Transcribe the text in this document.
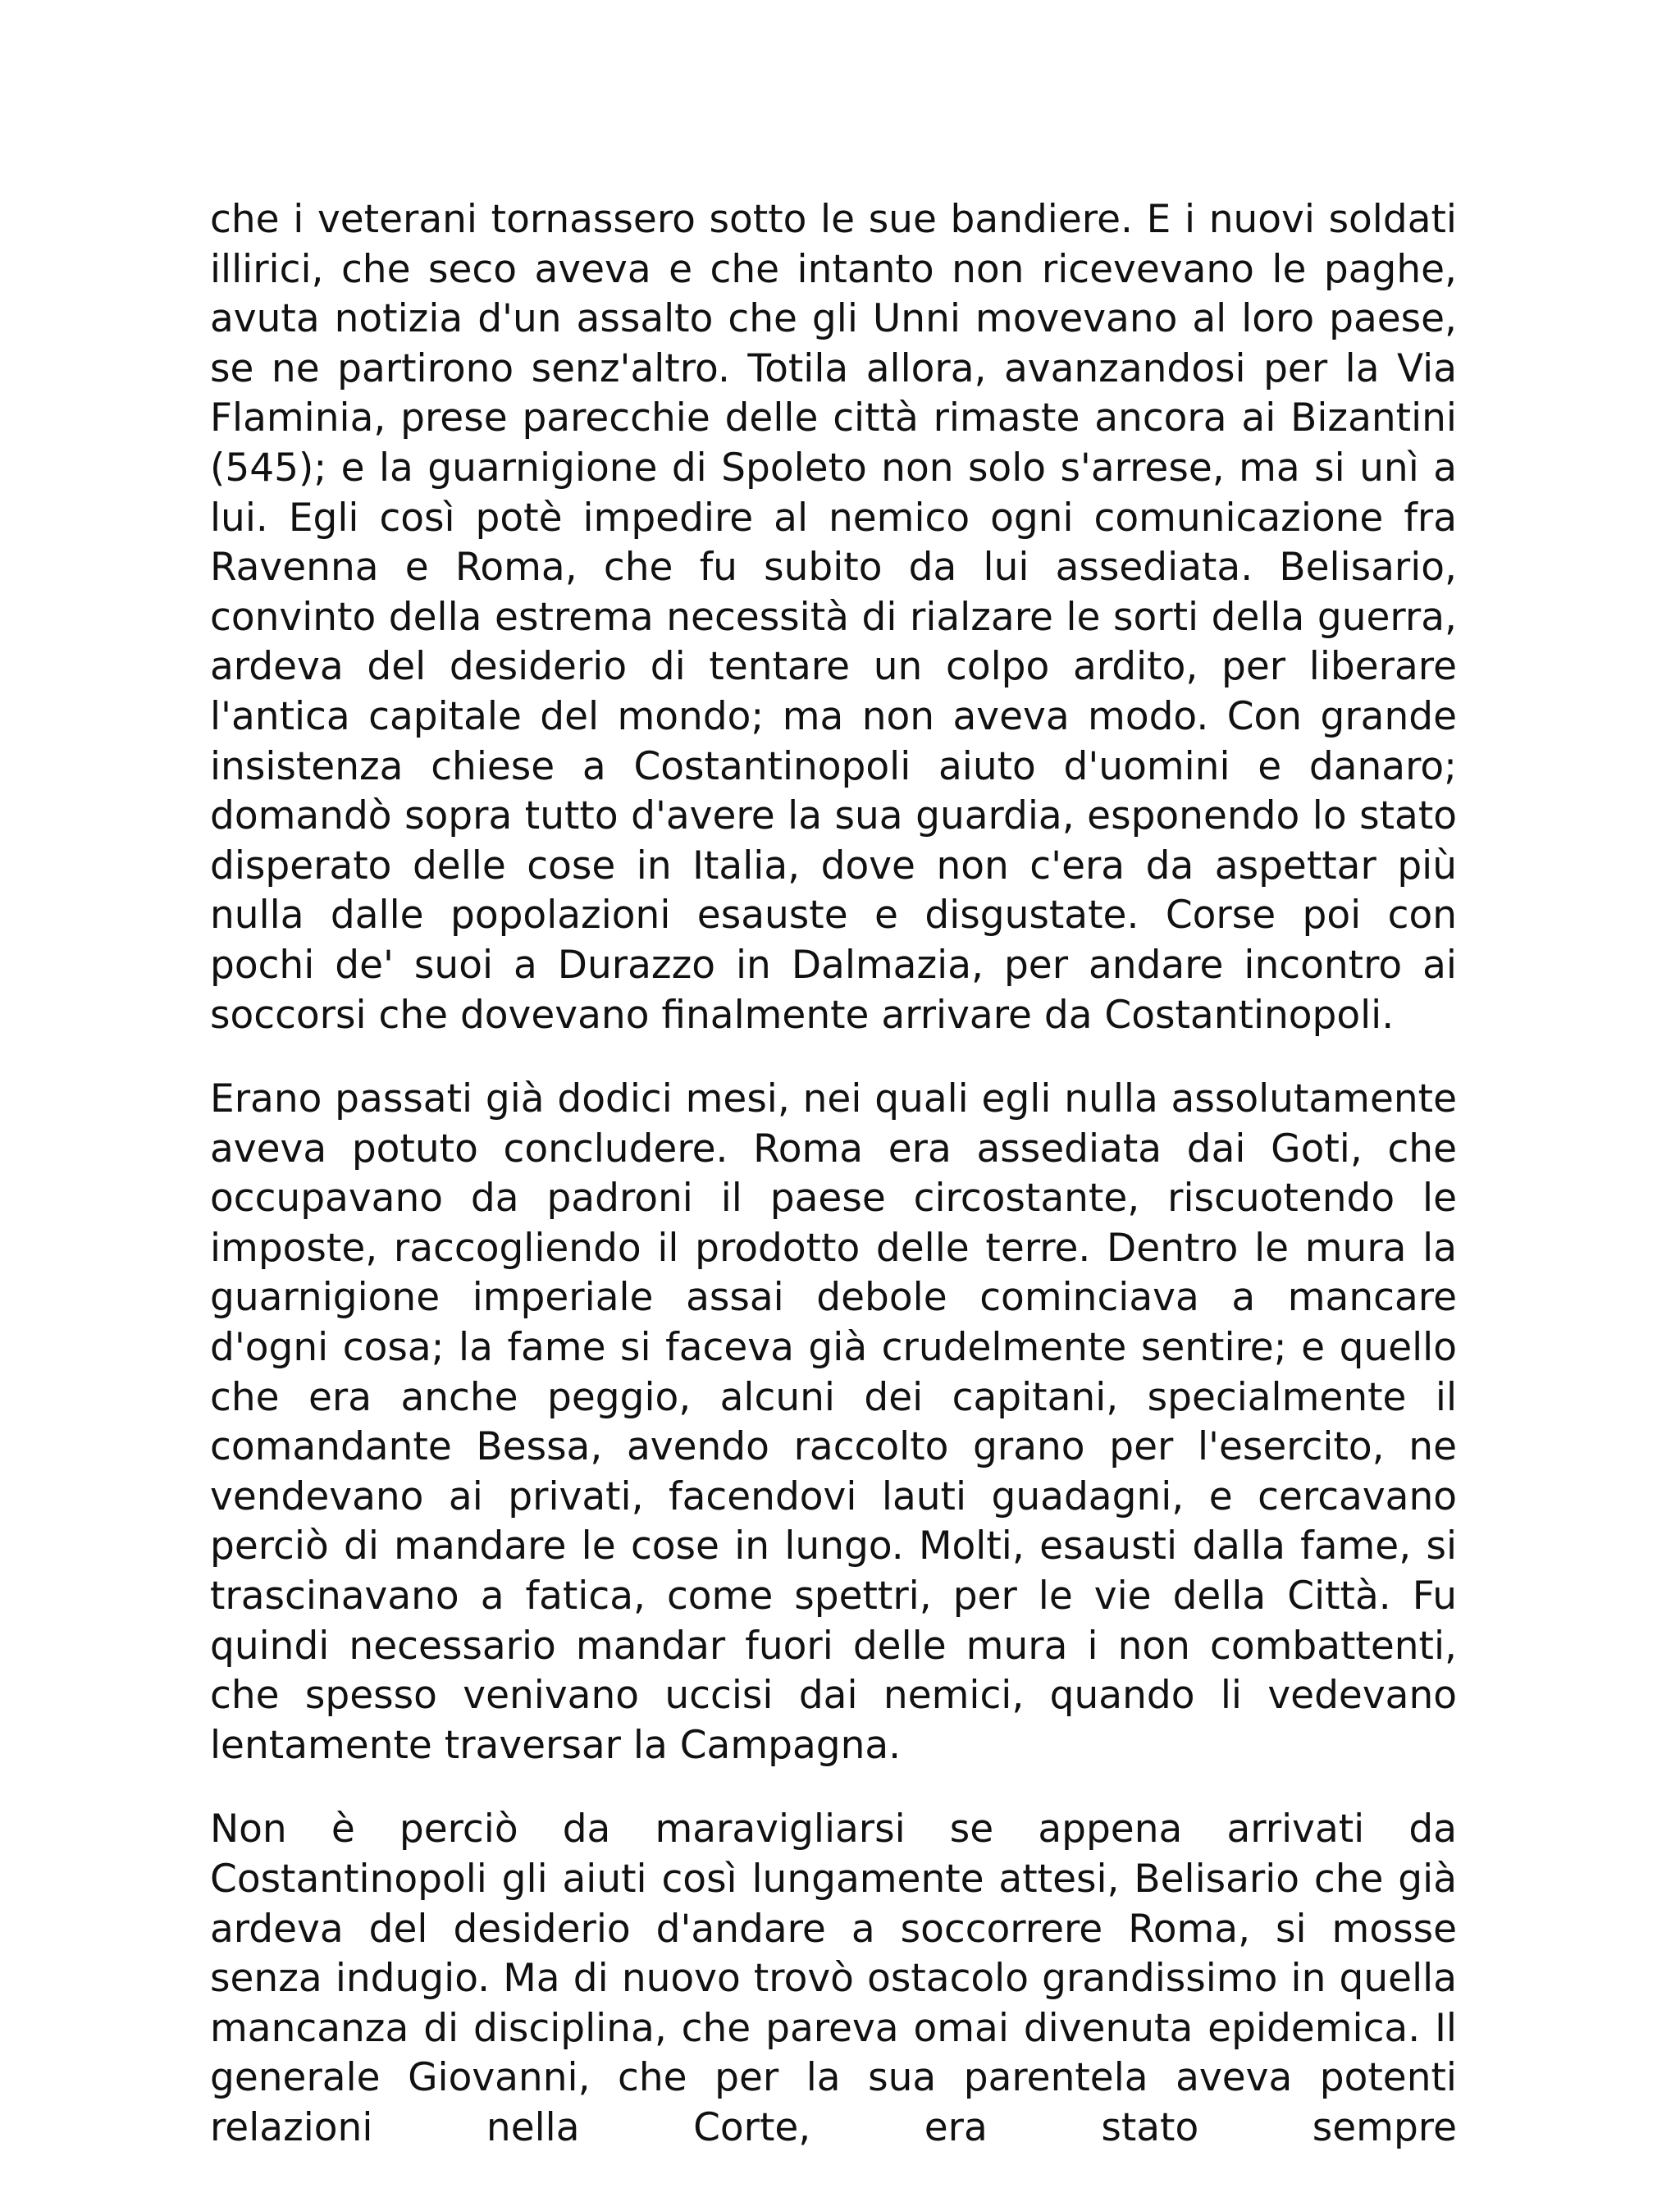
che i veterani tornassero sotto le sue bandiere. E i nuovi soldati illirici, che seco aveva e che intanto non ricevevano le paghe, avuta notizia d'un assalto che gli Unni movevano al loro paese, se ne partirono senz'altro. Totila allora, avanzandosi per la Via Flaminia, prese parecchie delle città rimaste ancora ai Bizantini (545); e la guarnigione di Spoleto non solo s'arrese, ma si unì a lui. Egli così potè impedire al nemico ogni comunicazione fra Ravenna e Roma, che fu subito da lui assediata. Belisario, convinto della estrema necessità di rialzare le sorti della guerra, ardeva del desiderio di tentare un colpo ardito, per liberare l'antica capitale del mondo; ma non aveva modo. Con grande insistenza chiese a Costantinopoli aiuto d'uomini e danaro; domandò sopra tutto d'avere la sua guardia, esponendo lo stato disperato delle cose in Italia, dove non c'era da aspettar più nulla dalle popolazioni esauste e disgustate. Corse poi con pochi de' suoi a Durazzo in Dalmazia, per andare incontro ai soccorsi che dovevano finalmente arrivare da Costantinopoli.

Erano passati già dodici mesi, nei quali egli nulla assolutamente aveva potuto concludere. Roma era assediata dai Goti, che occupavano da padroni il paese circostante, riscuotendo le imposte, raccogliendo il prodotto delle terre. Dentro le mura la guarnigione imperiale assai debole cominciava a mancare d'ogni cosa; la fame si faceva già crudelmente sentire; e quello che era anche peggio, alcuni dei capitani, specialmente il comandante Bessa, avendo raccolto grano per l'esercito, ne vendevano ai privati, facendovi lauti guadagni, e cercavano perciò di mandare le cose in lungo. Molti, esausti dalla fame, si trascinavano a fatica, come spettri, per le vie della Città. Fu quindi necessario mandar fuori delle mura i non combattenti, che spesso venivano uccisi dai nemici, quando li vedevano lentamente traversar la Campagna.

Non è perciò da maravigliarsi se appena arrivati da Costantinopoli gli aiuti così lungamente attesi, Belisario che già ardeva del desiderio d'andare a soccorrere Roma, si mosse senza indugio. Ma di nuovo trovò ostacolo grandissimo in quella mancanza di disciplina, che pareva omai divenuta epidemica. Il generale Giovanni, che per la sua parentela aveva potenti relazioni nella Corte, era stato sempre
